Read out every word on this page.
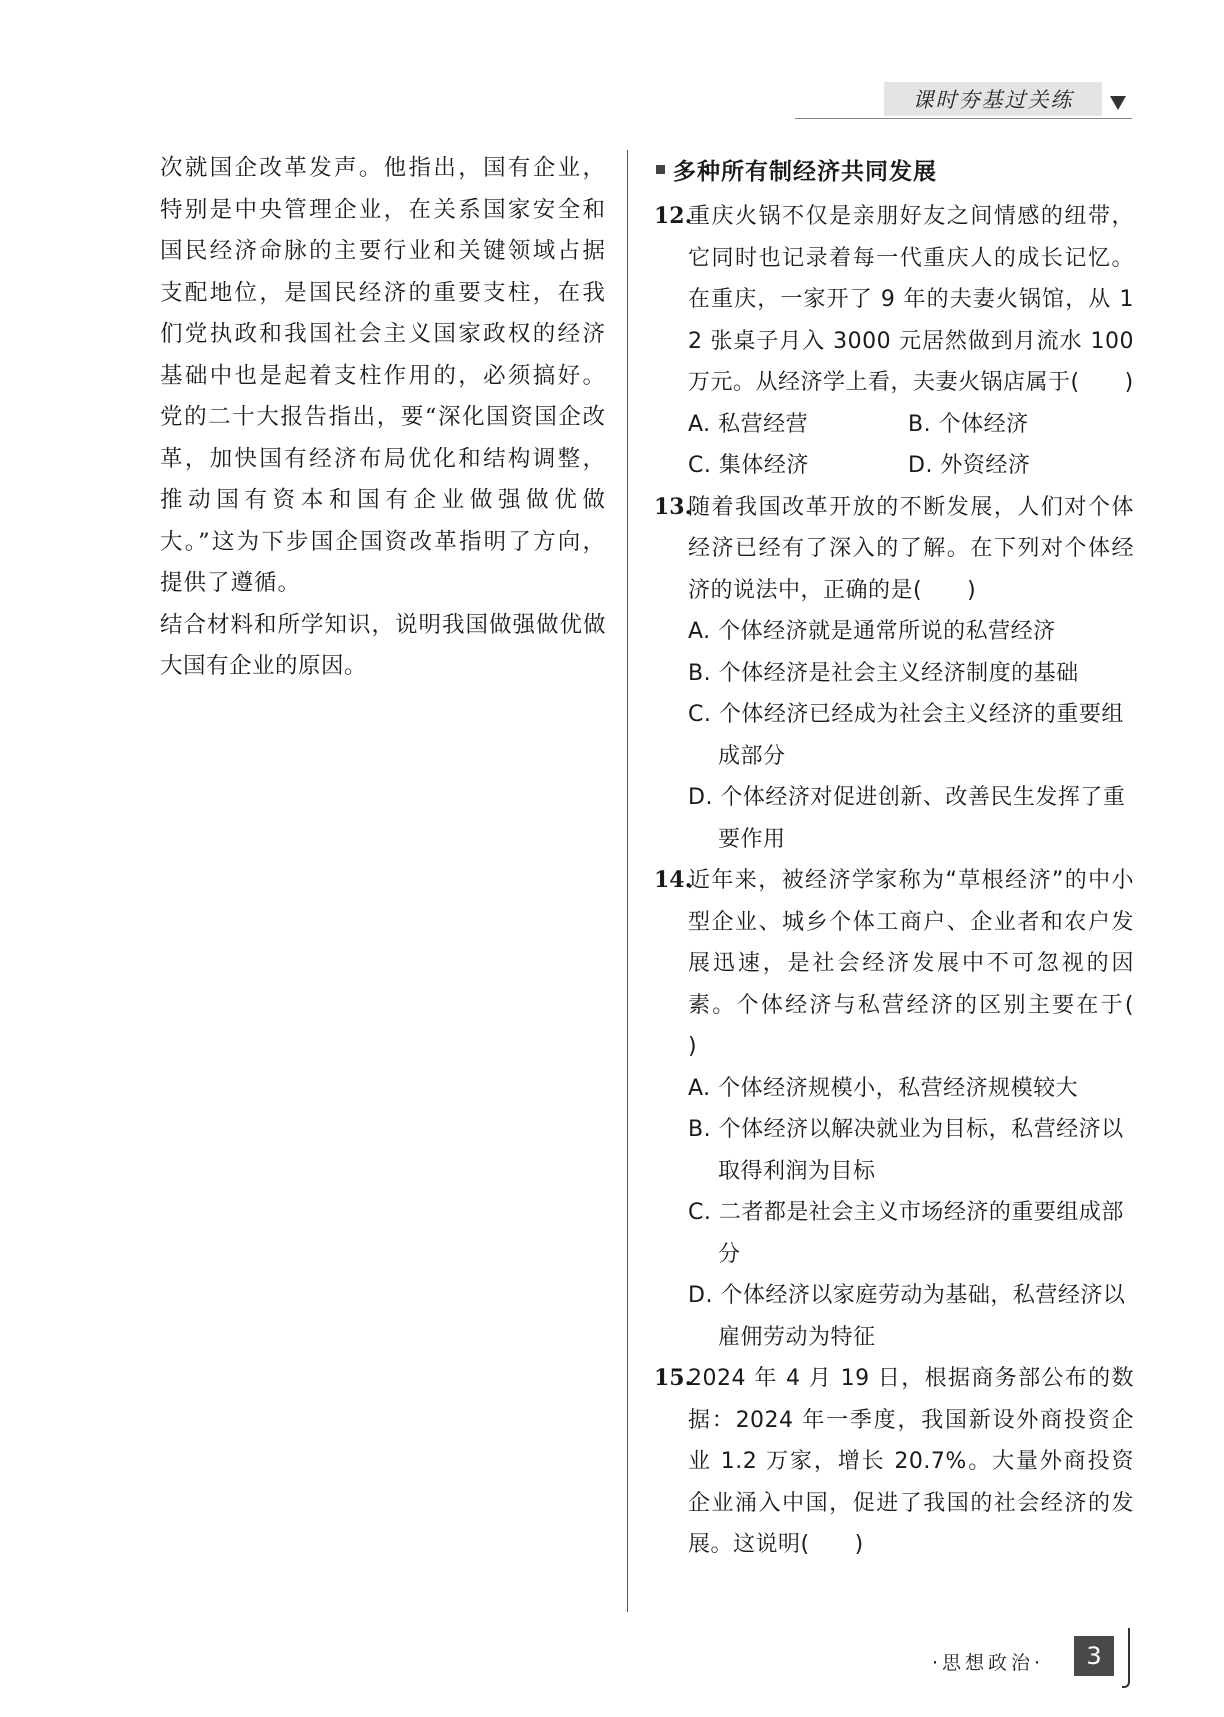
课时夯基过关练

次就国企改革发声。他指出，国有企业，特别是中央管理企业，在关系国家安全和国民经济命脉的主要行业和关键领域占据支配地位，是国民经济的重要支柱，在我们党执政和我国社会主义国家政权的经济基础中也是起着支柱作用的，必须搞好。党的二十大报告指出，要“深化国资国企改革，加快国有经济布局优化和结构调整，推动国有资本和国有企业做强做优做大。”这为下步国企国资改革指明了方向，提供了遵循。

结合材料和所学知识，说明我国做强做优做大国有企业的原因。

多种所有制经济共同发展
12.
重庆火锅不仅是亲朋好友之间情感的纽带，它同时也记录着每一代重庆人的成长记忆。在重庆，一家开了 9 年的夫妻火锅馆，从 12 张桌子月入 3000 元居然做到月流水 100 万元。从经济学上看，夫妻火锅店属于(　　)
A. 私营经营	B. 个体经济
C. 集体经济	D. 外资经济
13.
随着我国改革开放的不断发展，人们对个体经济已经有了深入的了解。在下列对个体经济的说法中，正确的是(　　)
A. 个体经济就是通常所说的私营经济
B. 个体经济是社会主义经济制度的基础
C. 个体经济已经成为社会主义经济的重要组成部分
D. 个体经济对促进创新、改善民生发挥了重要作用
14.
近年来，被经济学家称为“草根经济”的中小型企业、城乡个体工商户、企业者和农户发展迅速，是社会经济发展中不可忽视的因素。个体经济与私营经济的区别主要在于(　　)
A. 个体经济规模小，私营经济规模较大
B. 个体经济以解决就业为目标，私营经济以取得利润为目标
C. 二者都是社会主义市场经济的重要组成部分
D. 个体经济以家庭劳动为基础，私营经济以雇佣劳动为特征
15.
2024 年 4 月 19 日，根据商务部公布的数据：2024 年一季度，我国新设外商投资企业 1.2 万家，增长 20.7%。大量外商投资企业涌入中国，促进了我国的社会经济的发展。这说明(　　)
·思想政治·	3
